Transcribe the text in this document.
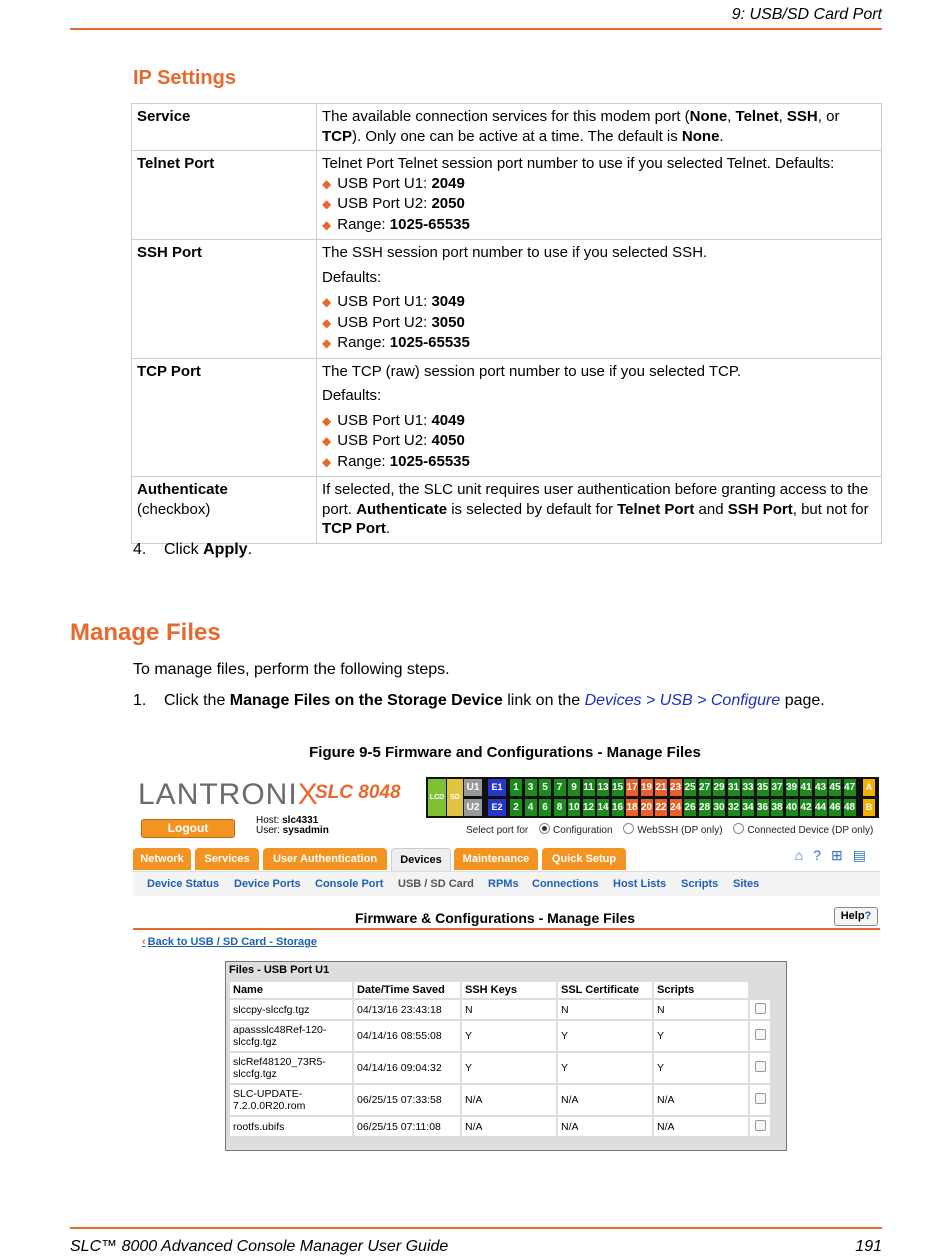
9: USB/SD Card Port
IP Settings
Service	The available connection services for this modem port (None, Telnet, SSH, or TCP). Only one can be active at a time. The default is None.
Telnet Port	Telnet Port Telnet session port number to use if you selected Telnet. Defaults:
◆ USB Port U1: 2049
◆ USB Port U2: 2050
◆ Range: 1025-65535

SSH Port	The SSH session port number to use if you selected SSH.
Defaults:
◆ USB Port U1: 3049
◆ USB Port U2: 3050
◆ Range: 1025-65535

TCP Port	The TCP (raw) session port number to use if you selected TCP.
Defaults:
◆ USB Port U1: 4049
◆ USB Port U2: 4050
◆ Range: 1025-65535

Authenticate
(checkbox)	If selected, the SLC unit requires user authentication before granting access to the port. Authenticate is selected by default for Telnet Port and SSH Port, but not for TCP Port.
4. Click Apply.
Manage Files
To manage files, perform the following steps.
1. Click the Manage Files on the Storage Device link on the Devices > USB > Configure page.
Figure 9-5 Firmware and Configurations - Manage Files
LANTRONIX
SLC 8048
Logout
Host: slc4331
User: sysadmin
LCD SD
U1
U2
E1
E2
1
2
3
4
5
6
7
8
9
10
11
12
13
14
15
16
17
18
19
20
21
22
23
24
25
26
27
28
29
30
31
32
33
34
35
36
37
38
39
40
41
42
43
44
45
46
47
48
A
B
Select port for Configuration WebSSH (DP only) Connected Device (DP only)
Network	Services	User Authentication	Devices	Maintenance	Quick Setup	⌂?⊞▤
Device Status Device Ports Console Port USB / SD Card RPMs Connections Host Lists Scripts Sites
Firmware & Configurations - Manage Files	Help?
‹ Back to USB / SD Card - Storage
Files - USB Port U1
Name	Date/Time Saved	SSH Keys	SSL Certificate	Scripts	
slccpy-slccfg.tgz	04/13/16 23:43:18	N	N	N	
apassslc48Ref-120-slccfg.tgz	04/14/16 08:55:08	Y	Y	Y	
slcRef48120_73R5-slccfg.tgz	04/14/16 09:04:32	Y	Y	Y	
SLC-UPDATE-7.2.0.0R20.rom	06/25/15 07:33:58	N/A	N/A	N/A	
rootfs.ubifs	06/25/15 07:11:08	N/A	N/A	N/A	
SLC™ 8000 Advanced Console Manager User Guide	191
